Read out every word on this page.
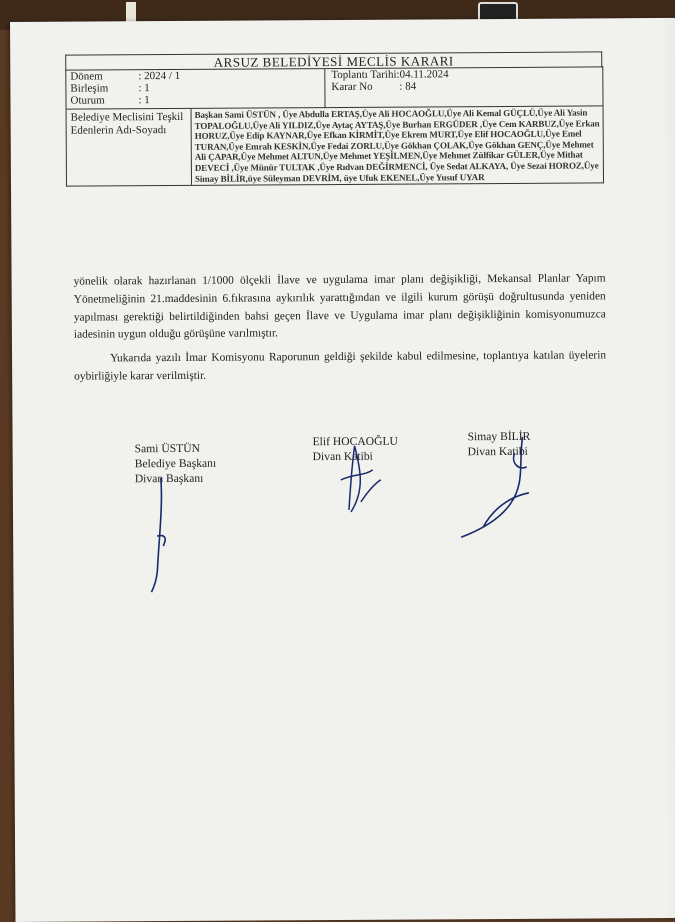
ARSUZ BELEDİYESİ MECLİS KARARI
Dönem	: 2024 / 1
Birleşim	: 1
Oturum	: 1

Toplantı Tarihi:04.11.2024
Karar No : 84

Belediye Meclisini Teşkil Edenlerin Adı-Soyadı	Başkan Sami ÜSTÜN , Üye Abdulla ERTAŞ,Üye Ali HOCAOĞLU,Üye Ali Kemal GÜÇLÜ,Üye Ali Yasin TOPALOĞLU,Üye Ali YILDIZ,Üye Aytaç AYTAŞ,Üye Burhan ERGÜDER ,Üye Cem KARBUZ,Üye Erkan HORUZ,Üye Edip KAYNAR,Üye Efkan KİRMİT,Üye Ekrem MURT,Üye Elif HOCAOĞLU,Üye Emel TURAN,Üye Emrah KESKİN,Üye Fedai ZORLU,Üye Gökhan ÇOLAK,Üye Gökhan GENÇ,Üye Mehmet Ali ÇAPAR,Üye Mehmet ALTUN,Üye Mehmet YEŞİLMEN,Üye Mehmet Zülfikar GÜLER,Üye Mithat DEVECİ ,Üye Münür TULTAK ,Üye Rıdvan DEĞİRMENCİ, Üye Sedat ALKAYA, Üye Sezai HOROZ,Üye Simay BİLİR,üye Süleyman DEVRİM, üye Ufuk EKENEL,Üye Yusuf UYAR
yönelik olarak hazırlanan 1/1000 ölçekli İlave ve uygulama imar planı değişikliği, Mekansal Planlar Yapım Yönetmeliğinin 21.maddesinin 6.fıkrasına aykırılık yarattığından ve ilgili kurum görüşü doğrultusunda yeniden yapılması gerektiği belirtildiğinden bahsi geçen İlave ve Uygulama imar planı değişikliğinin komisyonumuzca iadesinin uygun olduğu görüşüne varılmıştır.
Yukarıda yazılı İmar Komisyonu Raporunun geldiği şekilde kabul edilmesine, toplantıya katılan üyelerin oybirliğiyle karar verilmiştir.
Sami ÜSTÜN
Belediye Başkanı
Divan Başkanı
Elif HOCAOĞLU
Divan Katibi
Simay BİLİR
Divan Katibi
